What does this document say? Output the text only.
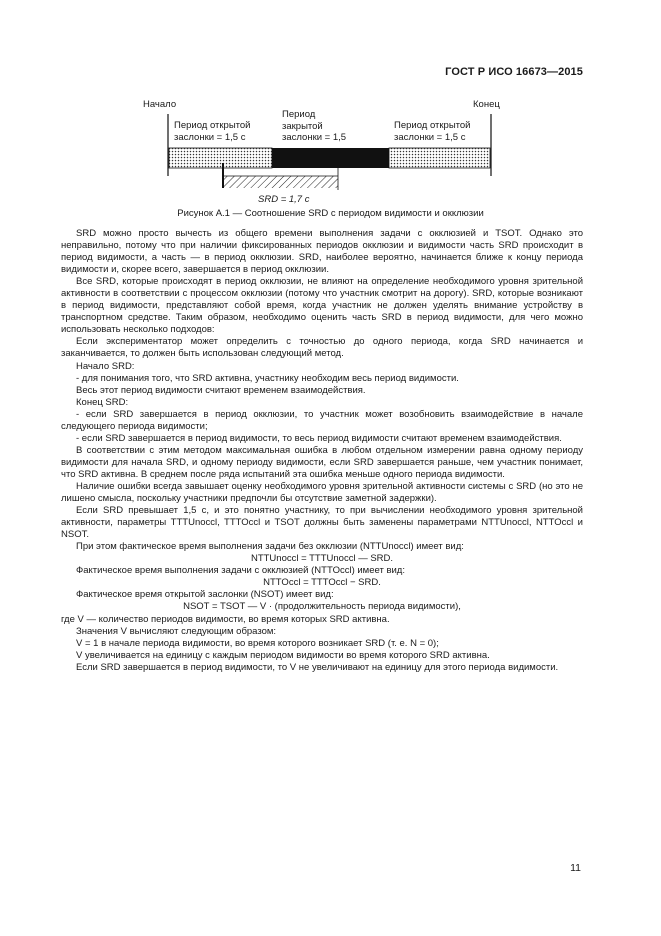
ГОСТ Р ИСО 16673—2015
Начало	Конец
Период открытой
заслонки = 1,5 с
Период
закрытой
заслонки = 1,5
Период открытой
заслонки = 1,5 с
SRD = 1,7 с
Рисунок А.1 — Соотношение SRD с периодом видимости и окклюзии

SRD можно просто вычесть из общего времени выполнения задачи с окклюзией и TSOT. Однако это неправильно, потому что при наличии фиксированных периодов окклюзии и видимости часть SRD происходит в период видимости, а часть — в период окклюзии. SRD, наиболее вероятно, начинается ближе к концу периода видимости и, скорее всего, завершается в период окклюзии.

Все SRD, которые происходят в период окклюзии, не влияют на определение необходимого уровня зрительной активности в соответствии с процессом окклюзии (потому что участник смотрит на дорогу). SRD, которые возникают в период видимости, представляют собой время, когда участник не должен уделять внимание устройству в транспортном средстве. Таким образом, необходимо оценить часть SRD в период видимости, для чего можно использовать несколько подходов:

Если экспериментатор может определить с точностью до одного периода, когда SRD начинается и заканчивается, то должен быть использован следующий метод.

Начало SRD:

- для понимания того, что SRD активна, участнику необходим весь период видимости.

Весь этот период видимости считают временем взаимодействия.

Конец SRD:

- если SRD завершается в период окклюзии, то участник может возобновить взаимодействие в начале следующего периода видимости;

- если SRD завершается в период видимости, то весь период видимости считают временем взаимодействия.

В соответствии с этим методом максимальная ошибка в любом отдельном измерении равна одному периоду видимости для начала SRD, и одному периоду видимости, если SRD завершается раньше, чем участник понимает, что SRD активна. В среднем после ряда испытаний эта ошибка меньше одного периода видимости.

Наличие ошибки всегда завышает оценку необходимого уровня зрительной активности системы с SRD (но это не лишено смысла, поскольку участники предпочли бы отсутствие заметной задержки).

Если SRD превышает 1,5 с, и это понятно участнику, то при вычислении необходимого уровня зрительной активности, параметры TTTUnoccl, TTTOccl и TSOT должны быть заменены параметрами NTTUnoccl, NTTOccl и NSOT.

При этом фактическое время выполнения задачи без окклюзии (NTTUnoccl) имеет вид:

NTTUnoccl = TTTUnoccl — SRD.

Фактическое время выполнения задачи с окклюзией (NTTOccl) имеет вид:

NTTOccl = TTTOccl − SRD.

Фактическое время открытой заслонки (NSOT) имеет вид:

NSOT = TSOT — V · (продолжительность периода видимости),

где V — количество периодов видимости, во время которых SRD активна.

Значения V вычисляют следующим образом:

V = 1 в начале периода видимости, во время которого возникает SRD (т. е. N = 0);

V увеличивается на единицу с каждым периодом видимости во время которого SRD активна.

Если SRD завершается в период видимости, то V не увеличивают на единицу для этого периода видимости.

11
